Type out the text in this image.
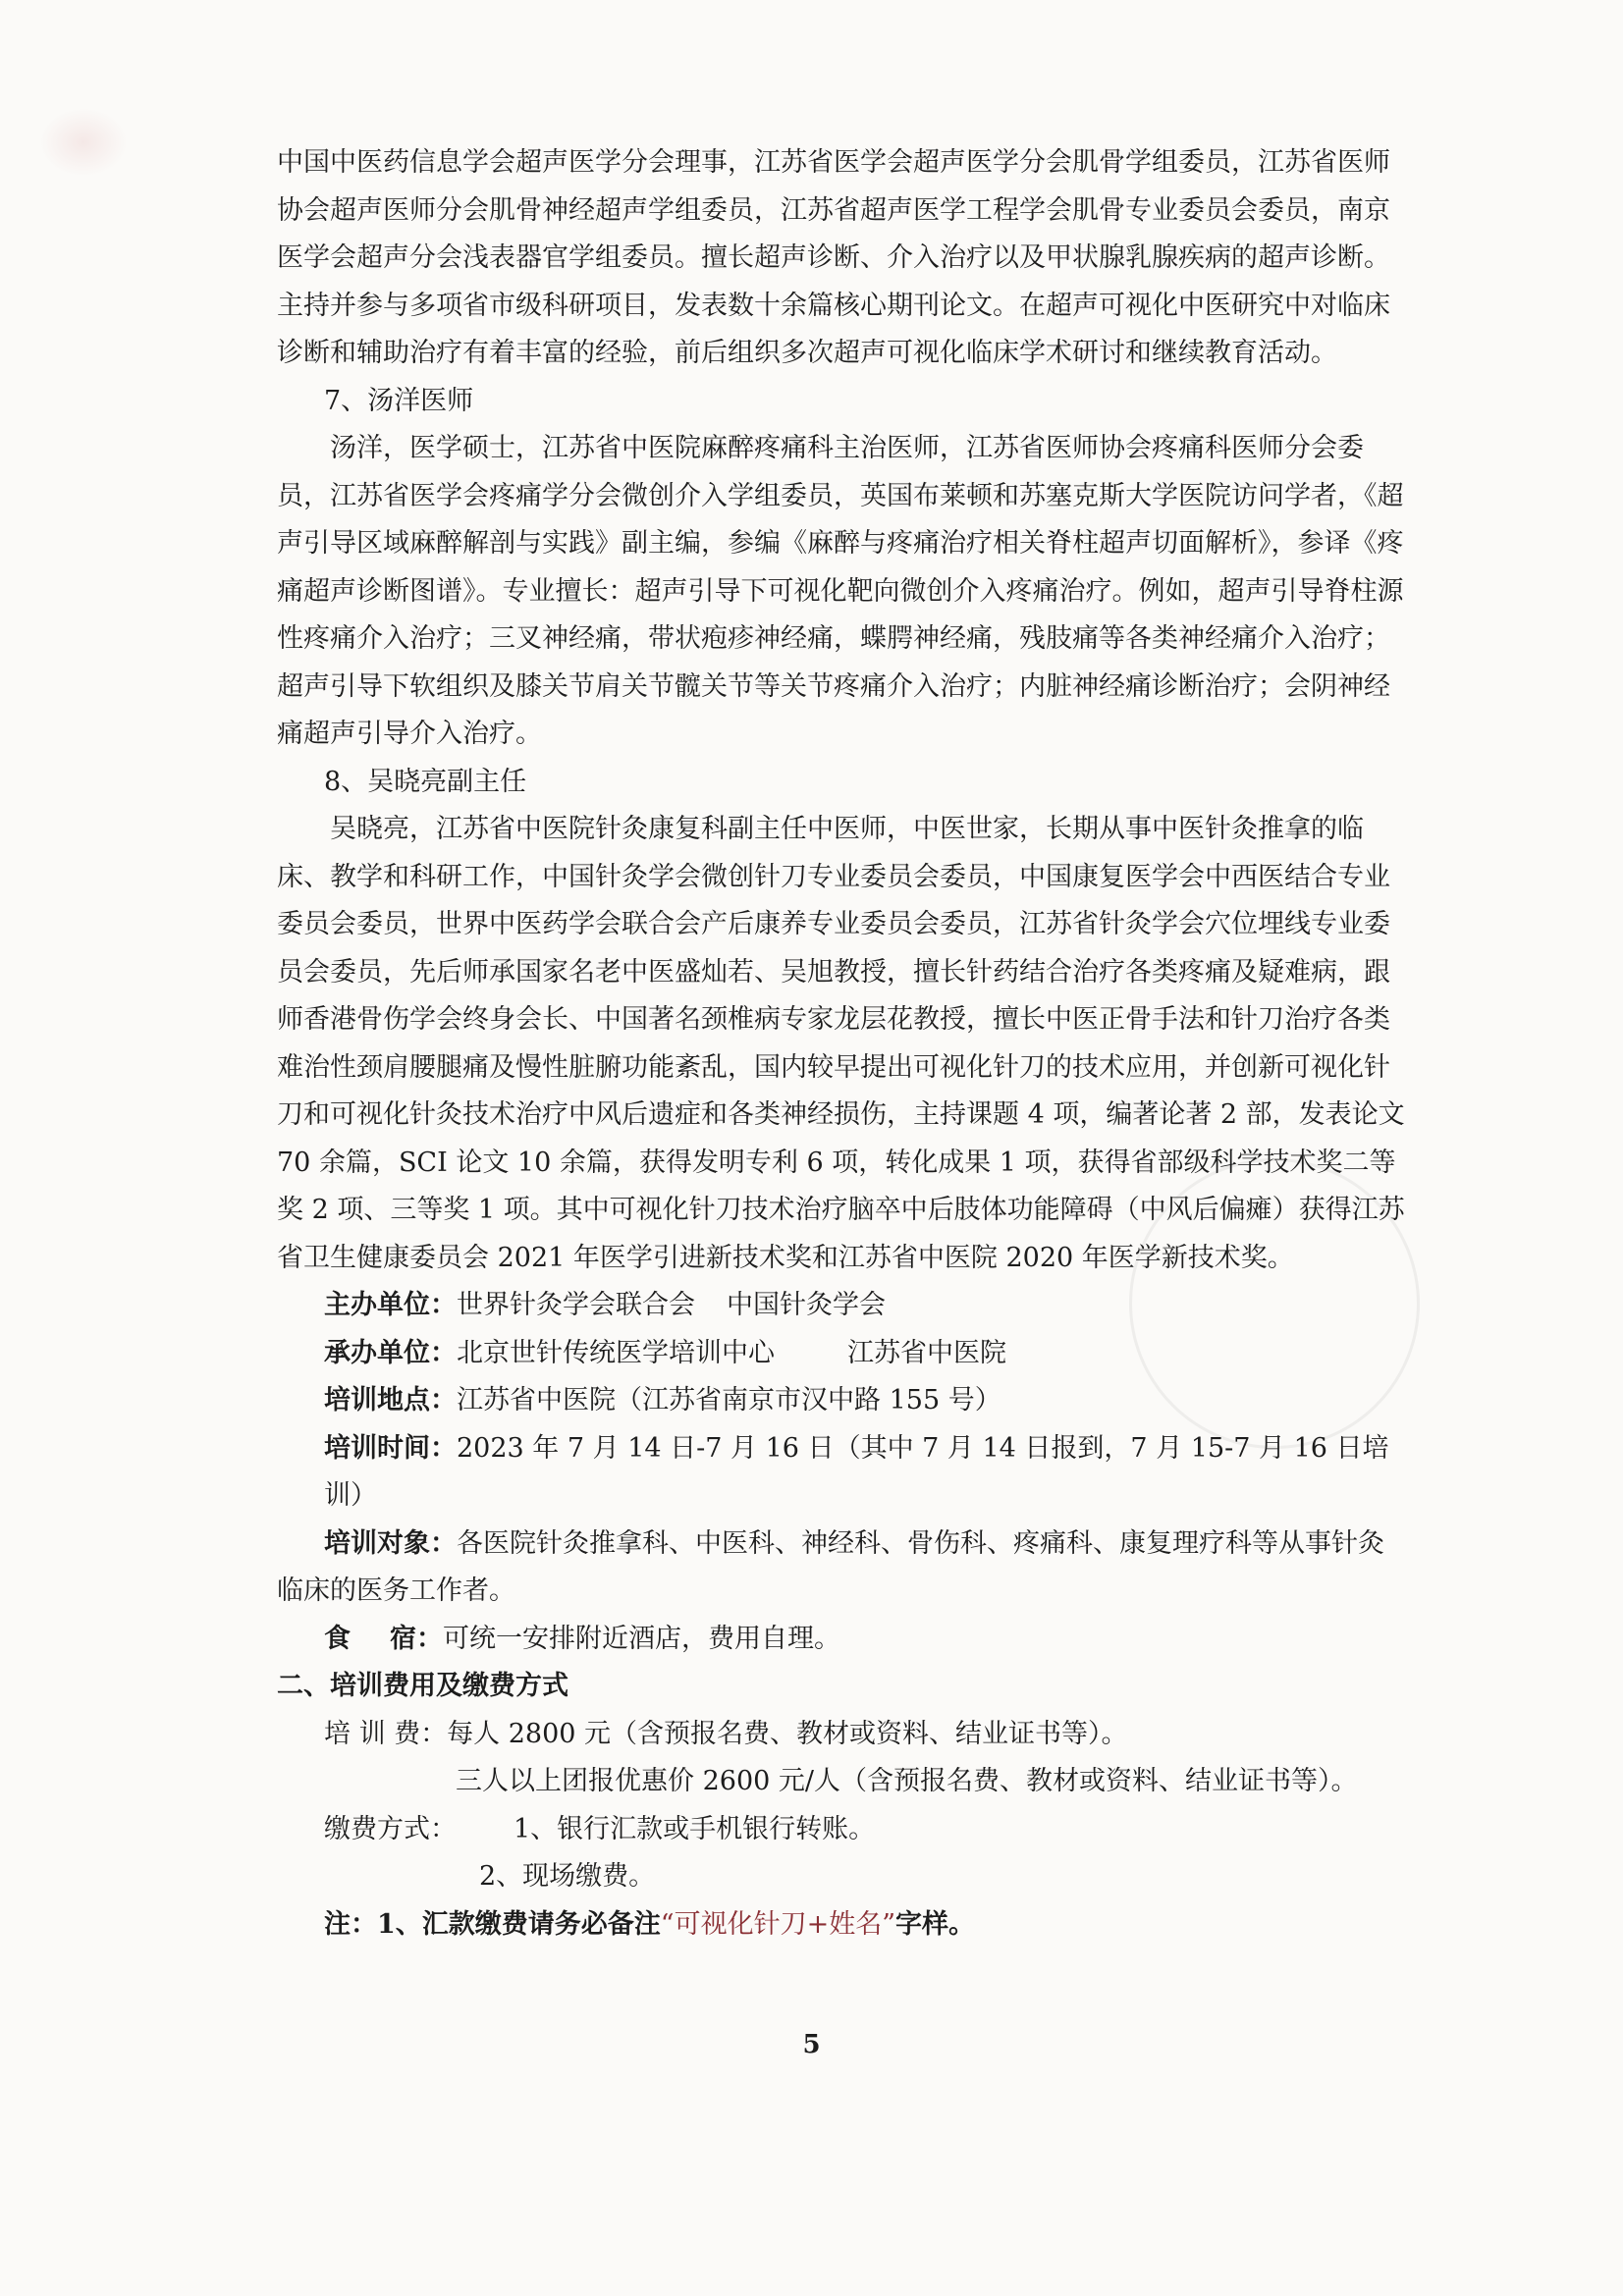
中国中医药信息学会超声医学分会理事，江苏省医学会超声医学分会肌骨学组委员，江苏省医师协会超声医师分会肌骨神经超声学组委员，江苏省超声医学工程学会肌骨专业委员会委员，南京医学会超声分会浅表器官学组委员。擅长超声诊断、介入治疗以及甲状腺乳腺疾病的超声诊断。主持并参与多项省市级科研项目，发表数十余篇核心期刊论文。在超声可视化中医研究中对临床诊断和辅助治疗有着丰富的经验，前后组织多次超声可视化临床学术研讨和继续教育活动。

7、汤洋医师

汤洋，医学硕士，江苏省中医院麻醉疼痛科主治医师，江苏省医师协会疼痛科医师分会委员，江苏省医学会疼痛学分会微创介入学组委员，英国布莱顿和苏塞克斯大学医院访问学者，《超声引导区域麻醉解剖与实践》副主编，参编《麻醉与疼痛治疗相关脊柱超声切面解析》，参译《疼痛超声诊断图谱》。专业擅长：超声引导下可视化靶向微创介入疼痛治疗。例如，超声引导脊柱源性疼痛介入治疗；三叉神经痛，带状疱疹神经痛，蝶腭神经痛，残肢痛等各类神经痛介入治疗；超声引导下软组织及膝关节肩关节髋关节等关节疼痛介入治疗；内脏神经痛诊断治疗；会阴神经痛超声引导介入治疗。

8、吴晓亮副主任

吴晓亮，江苏省中医院针灸康复科副主任中医师，中医世家，长期从事中医针灸推拿的临床、教学和科研工作，中国针灸学会微创针刀专业委员会委员，中国康复医学会中西医结合专业委员会委员，世界中医药学会联合会产后康养专业委员会委员，江苏省针灸学会穴位埋线专业委员会委员，先后师承国家名老中医盛灿若、吴旭教授，擅长针药结合治疗各类疼痛及疑难病，跟师香港骨伤学会终身会长、中国著名颈椎病专家龙层花教授，擅长中医正骨手法和针刀治疗各类难治性颈肩腰腿痛及慢性脏腑功能紊乱，国内较早提出可视化针刀的技术应用，并创新可视化针刀和可视化针灸技术治疗中风后遗症和各类神经损伤，主持课题 4 项，编著论著 2 部，发表论文 70 余篇，SCI 论文 10 余篇，获得发明专利 6 项，转化成果 1 项，获得省部级科学技术奖二等奖 2 项、三等奖 1 项。其中可视化针刀技术治疗脑卒中后肢体功能障碍（中风后偏瘫）获得江苏省卫生健康委员会 2021 年医学引进新技术奖和江苏省中医院 2020 年医学新技术奖。

主办单位：世界针灸学会联合会 中国针灸学会

承办单位：北京世针传统医学培训中心	江苏省中医院

培训地点：江苏省中医院（江苏省南京市汉中路 155 号）

培训时间：2023 年 7 月 14 日-7 月 16 日（其中 7 月 14 日报到，7 月 15-7 月 16 日培训）

培训对象：各医院针灸推拿科、中医科、神经科、骨伤科、疼痛科、康复理疗科等从事针灸临床的医务工作者。

食 宿：可统一安排附近酒店，费用自理。

二、培训费用及缴费方式

培 训 费：每人 2800 元（含预报名费、教材或资料、结业证书等）。

三人以上团报优惠价 2600 元/人（含预报名费、教材或资料、结业证书等）。

缴费方式： 1、银行汇款或手机银行转账。

2、现场缴费。

注：1、汇款缴费请务必备注“可视化针刀+姓名”字样。

5
